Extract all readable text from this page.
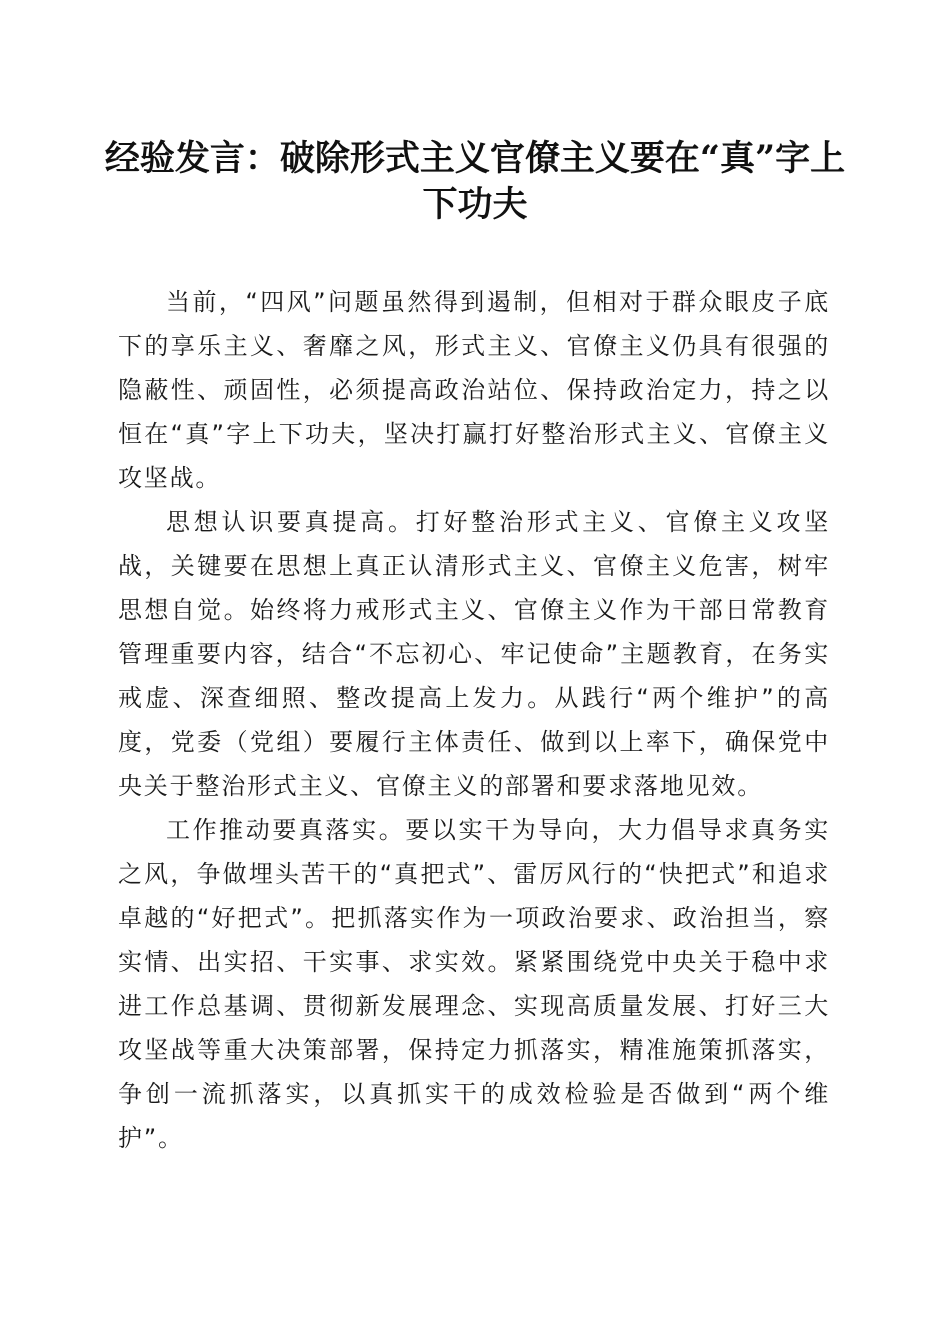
经验发言：破除形式主义官僚主义要在“真”字上下功夫

当前，“四风”问题虽然得到遏制，但相对于群众眼皮子底下的享乐主义、奢靡之风，形式主义、官僚主义仍具有很强的隐蔽性、顽固性，必须提高政治站位、保持政治定力，持之以恒在“真”字上下功夫，坚决打赢打好整治形式主义、官僚主义攻坚战。

思想认识要真提高。打好整治形式主义、官僚主义攻坚战，关键要在思想上真正认清形式主义、官僚主义危害，树牢思想自觉。始终将力戒形式主义、官僚主义作为干部日常教育管理重要内容，结合“不忘初心、牢记使命”主题教育，在务实戒虚、深查细照、整改提高上发力。从践行“两个维护”的高度，党委（党组）要履行主体责任、做到以上率下，确保党中央关于整治形式主义、官僚主义的部署和要求落地见效。

工作推动要真落实。要以实干为导向，大力倡导求真务实之风，争做埋头苦干的“真把式”、雷厉风行的“快把式”和追求卓越的“好把式”。把抓落实作为一项政治要求、政治担当，察实情、出实招、干实事、求实效。紧紧围绕党中央关于稳中求进工作总基调、贯彻新发展理念、实现高质量发展、打好三大攻坚战等重大决策部署，保持定力抓落实，精准施策抓落实，争创一流抓落实，以真抓实干的成效检验是否做到“两个维护”。
